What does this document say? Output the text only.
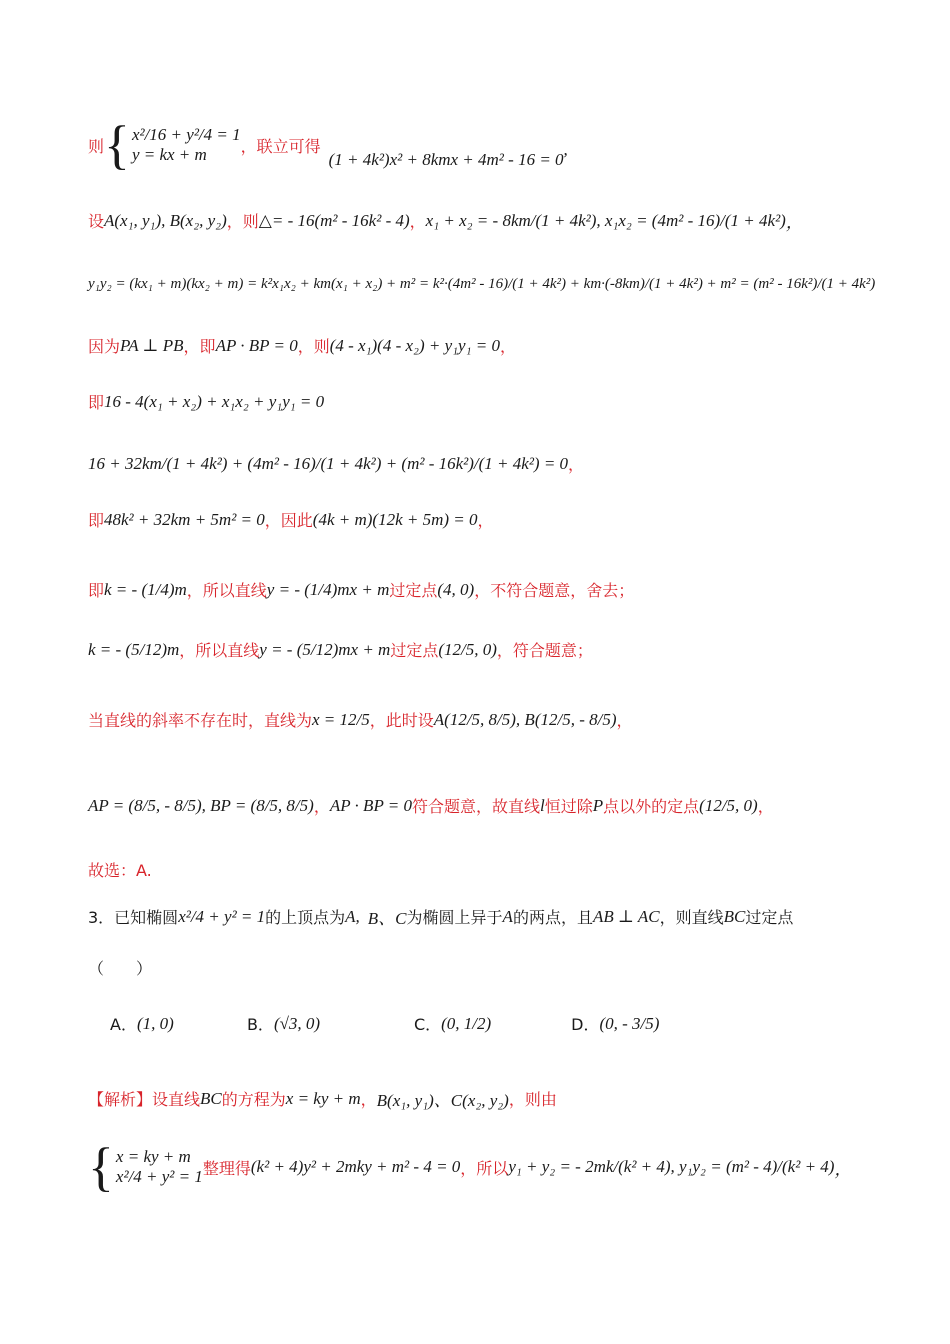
则 { x²/16 + y²/4 = 1
y = kx + m	，联立可得
(1 + 4k²)x² + 8kmx + 4m² - 16 = 0
,
设 A(x₁, y₁), B(x₂, y₂) ，则 △= - 16(m² - 16k² - 4) ， x₁ + x₂ = - 8km/(1 + 4k²) , x₁x₂ = (4m² - 16)/(1 + 4k²) ，
y₁y₂ = (kx₁ + m)(kx₂ + m) = k²x₁x₂ + km(x₁ + x₂) + m² = k²·(4m² - 16)/(1 + 4k²) + km·(-8km)/(1 + 4k²) + m² = (m² - 16k²)/(1 + 4k²)
因为 PA ⊥ PB ，即 AP · BP = 0 ，则 (4 - x₁)(4 - x₂) + y₁y₁ = 0 ，
即 16 - 4(x₁ + x₂) + x₁x₂ + y₁y₁ = 0
16 + 32km/(1 + 4k²) + (4m² - 16)/(1 + 4k²) + (m² - 16k²)/(1 + 4k²) = 0 ，
即 48k² + 32km + 5m² = 0 ，因此 (4k + m)(12k + 5m) = 0 ，
即 k = - (1/4)m ，所以直线 y = - (1/4)mx + m 过定点 (4, 0) ，不符合题意，舍去；
k = - (5/12)m ，所以直线 y = - (5/12)mx + m 过定点 (12/5, 0) ，符合题意；
当直线的斜率不存在时，直线为 x = 12/5 ，此时设 A(12/5, 8/5), B(12/5, - 8/5) ，
AP = (8/5, - 8/5), BP = (8/5, 8/5) ， AP · BP = 0 符合题意，故直线 l 恒过除 P 点以外的定点 (12/5, 0) ，
故选：A.
3．已知椭圆 x²/4 + y² = 1 的上顶点为 A, B、C 为椭圆上异于 A 的两点，且 AB ⊥ AC ，则直线 BC 过定点
（　　）
A． (1, 0)	B． (√3, 0)	C． (0, 1/2)	D． (0, - 3/5)
【解析】 设直线 BC 的方程为 x = ky + m ， B(x₁, y₁)、C(x₂, y₂) ，则由
{ x = ky + m
x²/4 + y² = 1 整理得 (k² + 4)y² + 2mky + m² - 4 = 0 ，所以 y₁ + y₂ = - 2mk/(k² + 4), y₁y₂ = (m² - 4)/(k² + 4) ，
